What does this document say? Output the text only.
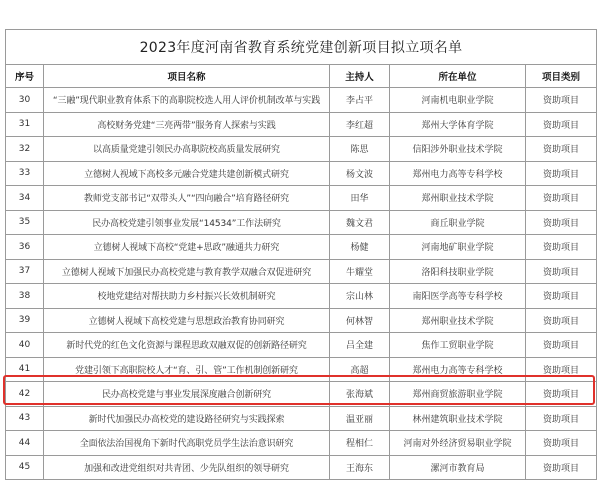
2023年度河南省教育系统党建创新项目拟立项名单				
序号	项目名称	主持人	所在单位	项目类别
30	“三融”现代职业教育体系下的高职院校选人用人评价机制改革与实践	李占平	河南机电职业学院	资助项目
31	高校财务党建“三亮两带”服务育人探索与实践	李红超	郑州大学体育学院	资助项目
32	以高质量党建引领民办高职院校高质量发展研究	陈思	信阳涉外职业技术学院	资助项目
33	立德树人视域下高校多元融合党建共建创新模式研究	杨文波	郑州电力高等专科学校	资助项目
34	教师党支部书记“双带头人”“四向融合”培育路径研究	田华	郑州职业技术学院	资助项目
35	民办高校党建引领事业发展“14534”工作法研究	魏文君	商丘职业学院	资助项目
36	立德树人视域下高校“党建+思政”融通共力研究	杨健	河南地矿职业学院	资助项目
37	立德树人视域下加强民办高校党建与教育教学双融合双促进研究	牛耀堂	洛阳科技职业学院	资助项目
38	校地党建结对帮扶助力乡村振兴长效机制研究	宗山林	南阳医学高等专科学校	资助项目
39	立德树人视域下高校党建与思想政治教育协同研究	何林智	郑州职业技术学院	资助项目
40	新时代党的红色文化资源与课程思政双融双促的创新路径研究	吕全建	焦作工贸职业学院	资助项目
41	党建引领下高职院校人才“育、引、管”工作机制创新研究	高超	郑州电力高等专科学校	资助项目
42	民办高校党建与事业发展深度融合创新研究	张海斌	郑州商贸旅游职业学院	资助项目
43	新时代加强民办高校党的建设路径研究与实践探索	温亚丽	林州建筑职业技术学院	资助项目
44	全面依法治国视角下新时代高职党员学生法治意识研究	程相仁	河南对外经济贸易职业学院	资助项目
45	加强和改进党组织对共青团、少先队组织的领导研究	王海东	漯河市教育局	资助项目
